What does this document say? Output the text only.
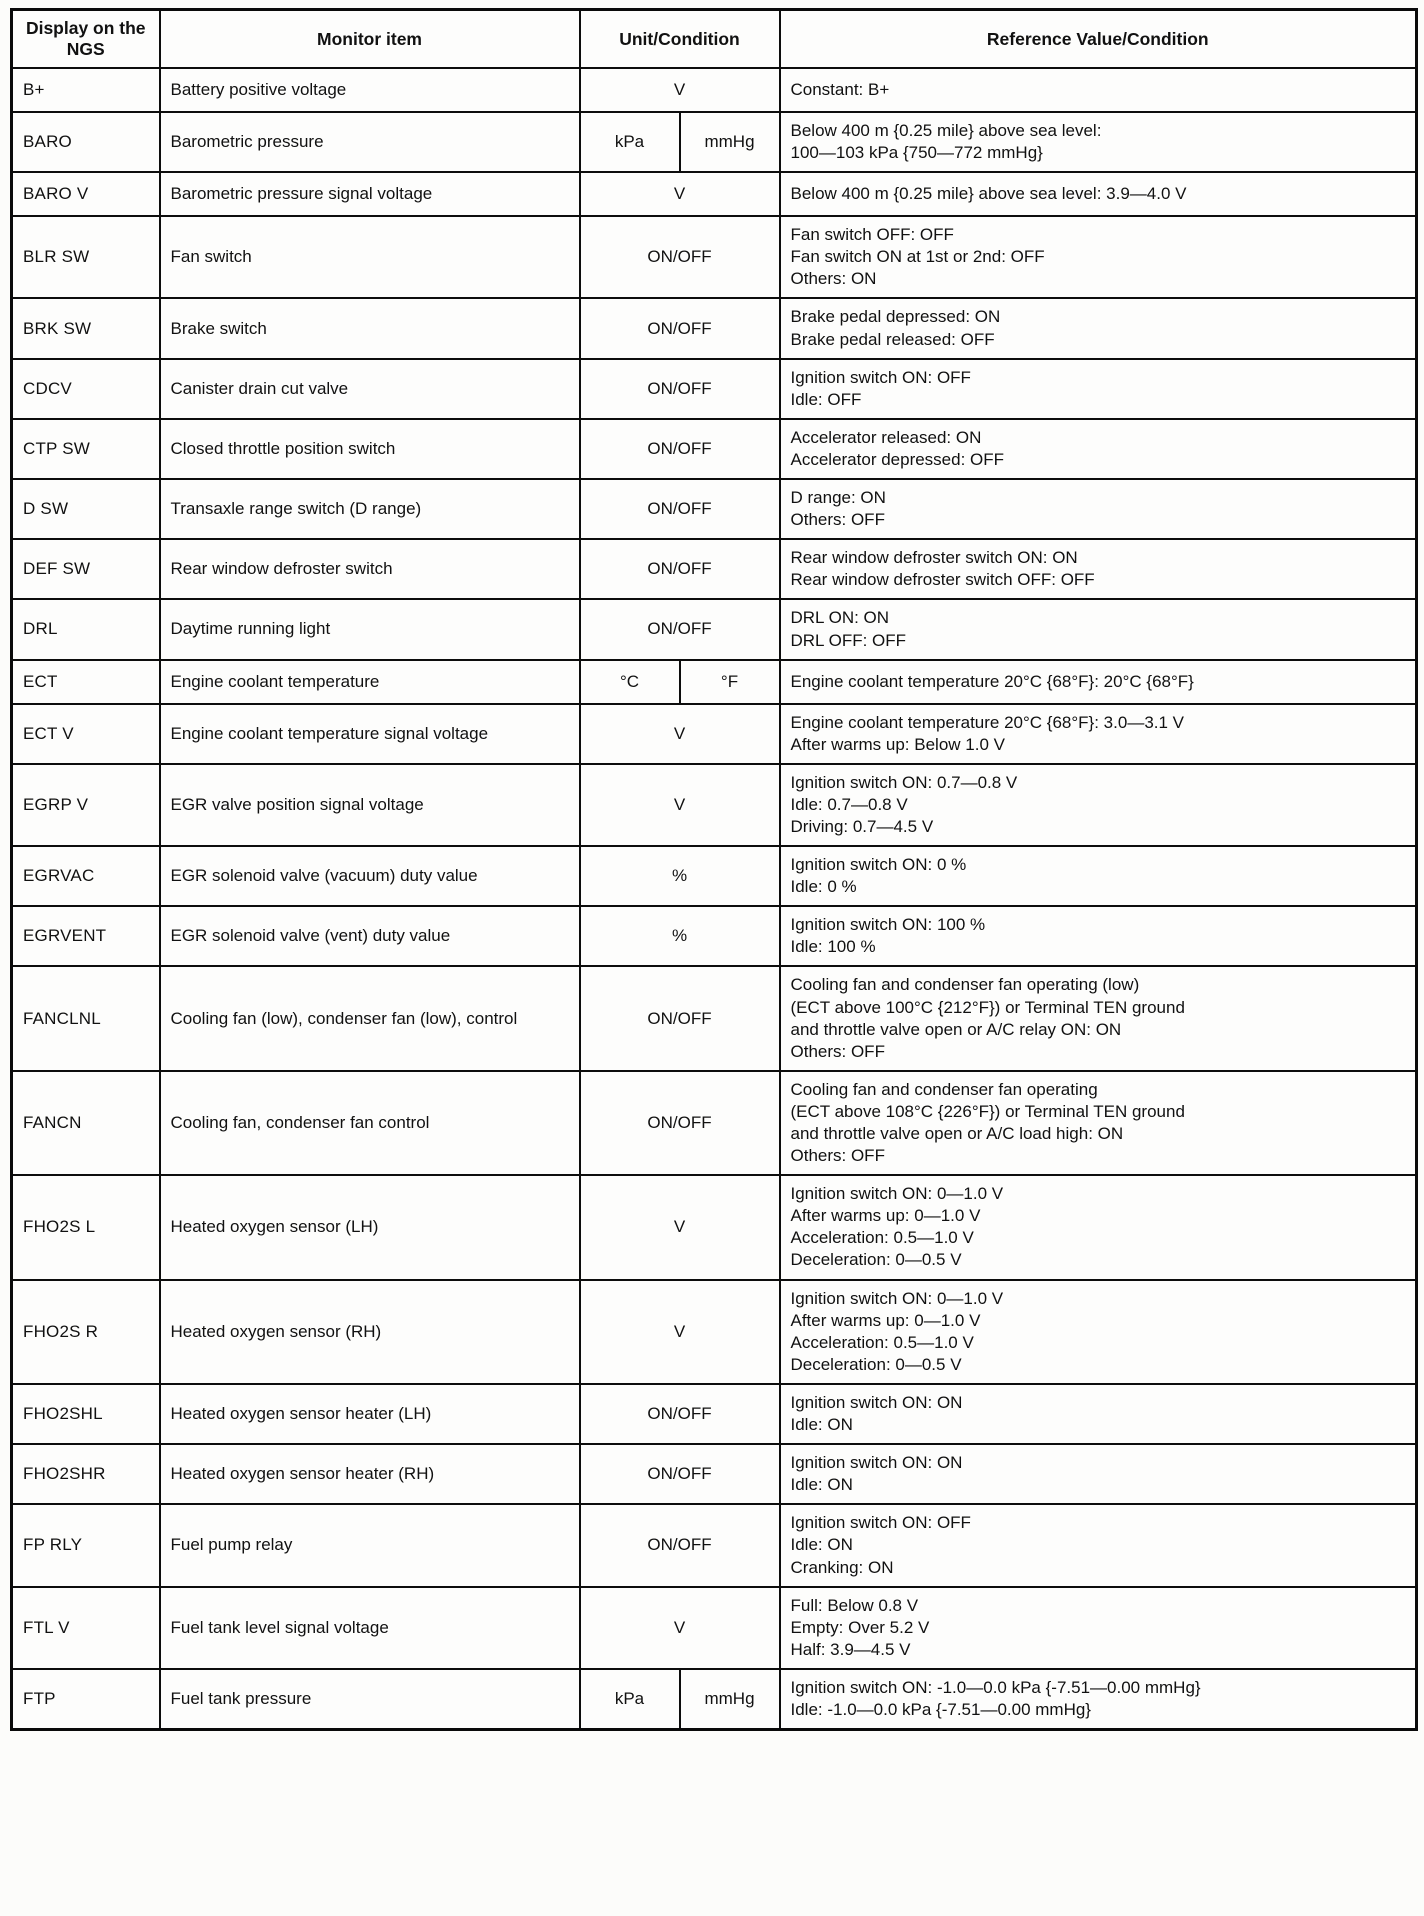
Display on the NGS	Monitor item	Unit/Condition		Reference Value/Condition
B+	Battery positive voltage	V		Constant: B+

BARO	Barometric pressure	kPa	mmHg	Below 400 m {0.25 mile} above sea level:
100—103 kPa {750—772 mmHg}

BARO V	Barometric pressure signal voltage	V		Below 400 m {0.25 mile} above sea level: 3.9—4.0 V

BLR SW	Fan switch	ON/OFF		Fan switch OFF: OFF
Fan switch ON at 1st or 2nd: OFF
Others: ON

BRK SW	Brake switch	ON/OFF		Brake pedal depressed: ON
Brake pedal released: OFF

CDCV	Canister drain cut valve	ON/OFF		Ignition switch ON: OFF
Idle: OFF

CTP SW	Closed throttle position switch	ON/OFF		Accelerator released: ON
Accelerator depressed: OFF

D SW	Transaxle range switch (D range)	ON/OFF		D range: ON
Others: OFF

DEF SW	Rear window defroster switch	ON/OFF		Rear window defroster switch ON: ON
Rear window defroster switch OFF: OFF

DRL	Daytime running light	ON/OFF		DRL ON: ON
DRL OFF: OFF

ECT	Engine coolant temperature	°C	°F	Engine coolant temperature 20°C {68°F}: 20°C {68°F}

ECT V	Engine coolant temperature signal voltage	V		Engine coolant temperature 20°C {68°F}: 3.0—3.1 V
After warms up: Below 1.0 V

EGRP V	EGR valve position signal voltage	V		Ignition switch ON: 0.7—0.8 V
Idle: 0.7—0.8 V
Driving: 0.7—4.5 V

EGRVAC	EGR solenoid valve (vacuum) duty value	%		Ignition switch ON: 0 %
Idle: 0 %

EGRVENT	EGR solenoid valve (vent) duty value	%		Ignition switch ON: 100 %
Idle: 100 %

FANCLNL	Cooling fan (low), condenser fan (low), control	ON/OFF		Cooling fan and condenser fan operating (low)
(ECT above 100°C {212°F}) or Terminal TEN ground
and throttle valve open or A/C relay ON: ON
Others: OFF

FANCN	Cooling fan, condenser fan control	ON/OFF		Cooling fan and condenser fan operating
(ECT above 108°C {226°F}) or Terminal TEN ground
and throttle valve open or A/C load high: ON
Others: OFF

FHO2S L	Heated oxygen sensor (LH)	V		Ignition switch ON: 0—1.0 V
After warms up: 0—1.0 V
Acceleration: 0.5—1.0 V
Deceleration: 0—0.5 V

FHO2S R	Heated oxygen sensor (RH)	V		Ignition switch ON: 0—1.0 V
After warms up: 0—1.0 V
Acceleration: 0.5—1.0 V
Deceleration: 0—0.5 V

FHO2SHL	Heated oxygen sensor heater (LH)	ON/OFF		Ignition switch ON: ON
Idle: ON

FHO2SHR	Heated oxygen sensor heater (RH)	ON/OFF		Ignition switch ON: ON
Idle: ON

FP RLY	Fuel pump relay	ON/OFF		Ignition switch ON: OFF
Idle: ON
Cranking: ON

FTL V	Fuel tank level signal voltage	V		Full: Below 0.8 V
Empty: Over 5.2 V
Half: 3.9—4.5 V

FTP	Fuel tank pressure	kPa	mmHg	Ignition switch ON: -1.0—0.0 kPa {-7.51—0.00 mmHg}
Idle: -1.0—0.0 kPa {-7.51—0.00 mmHg}
